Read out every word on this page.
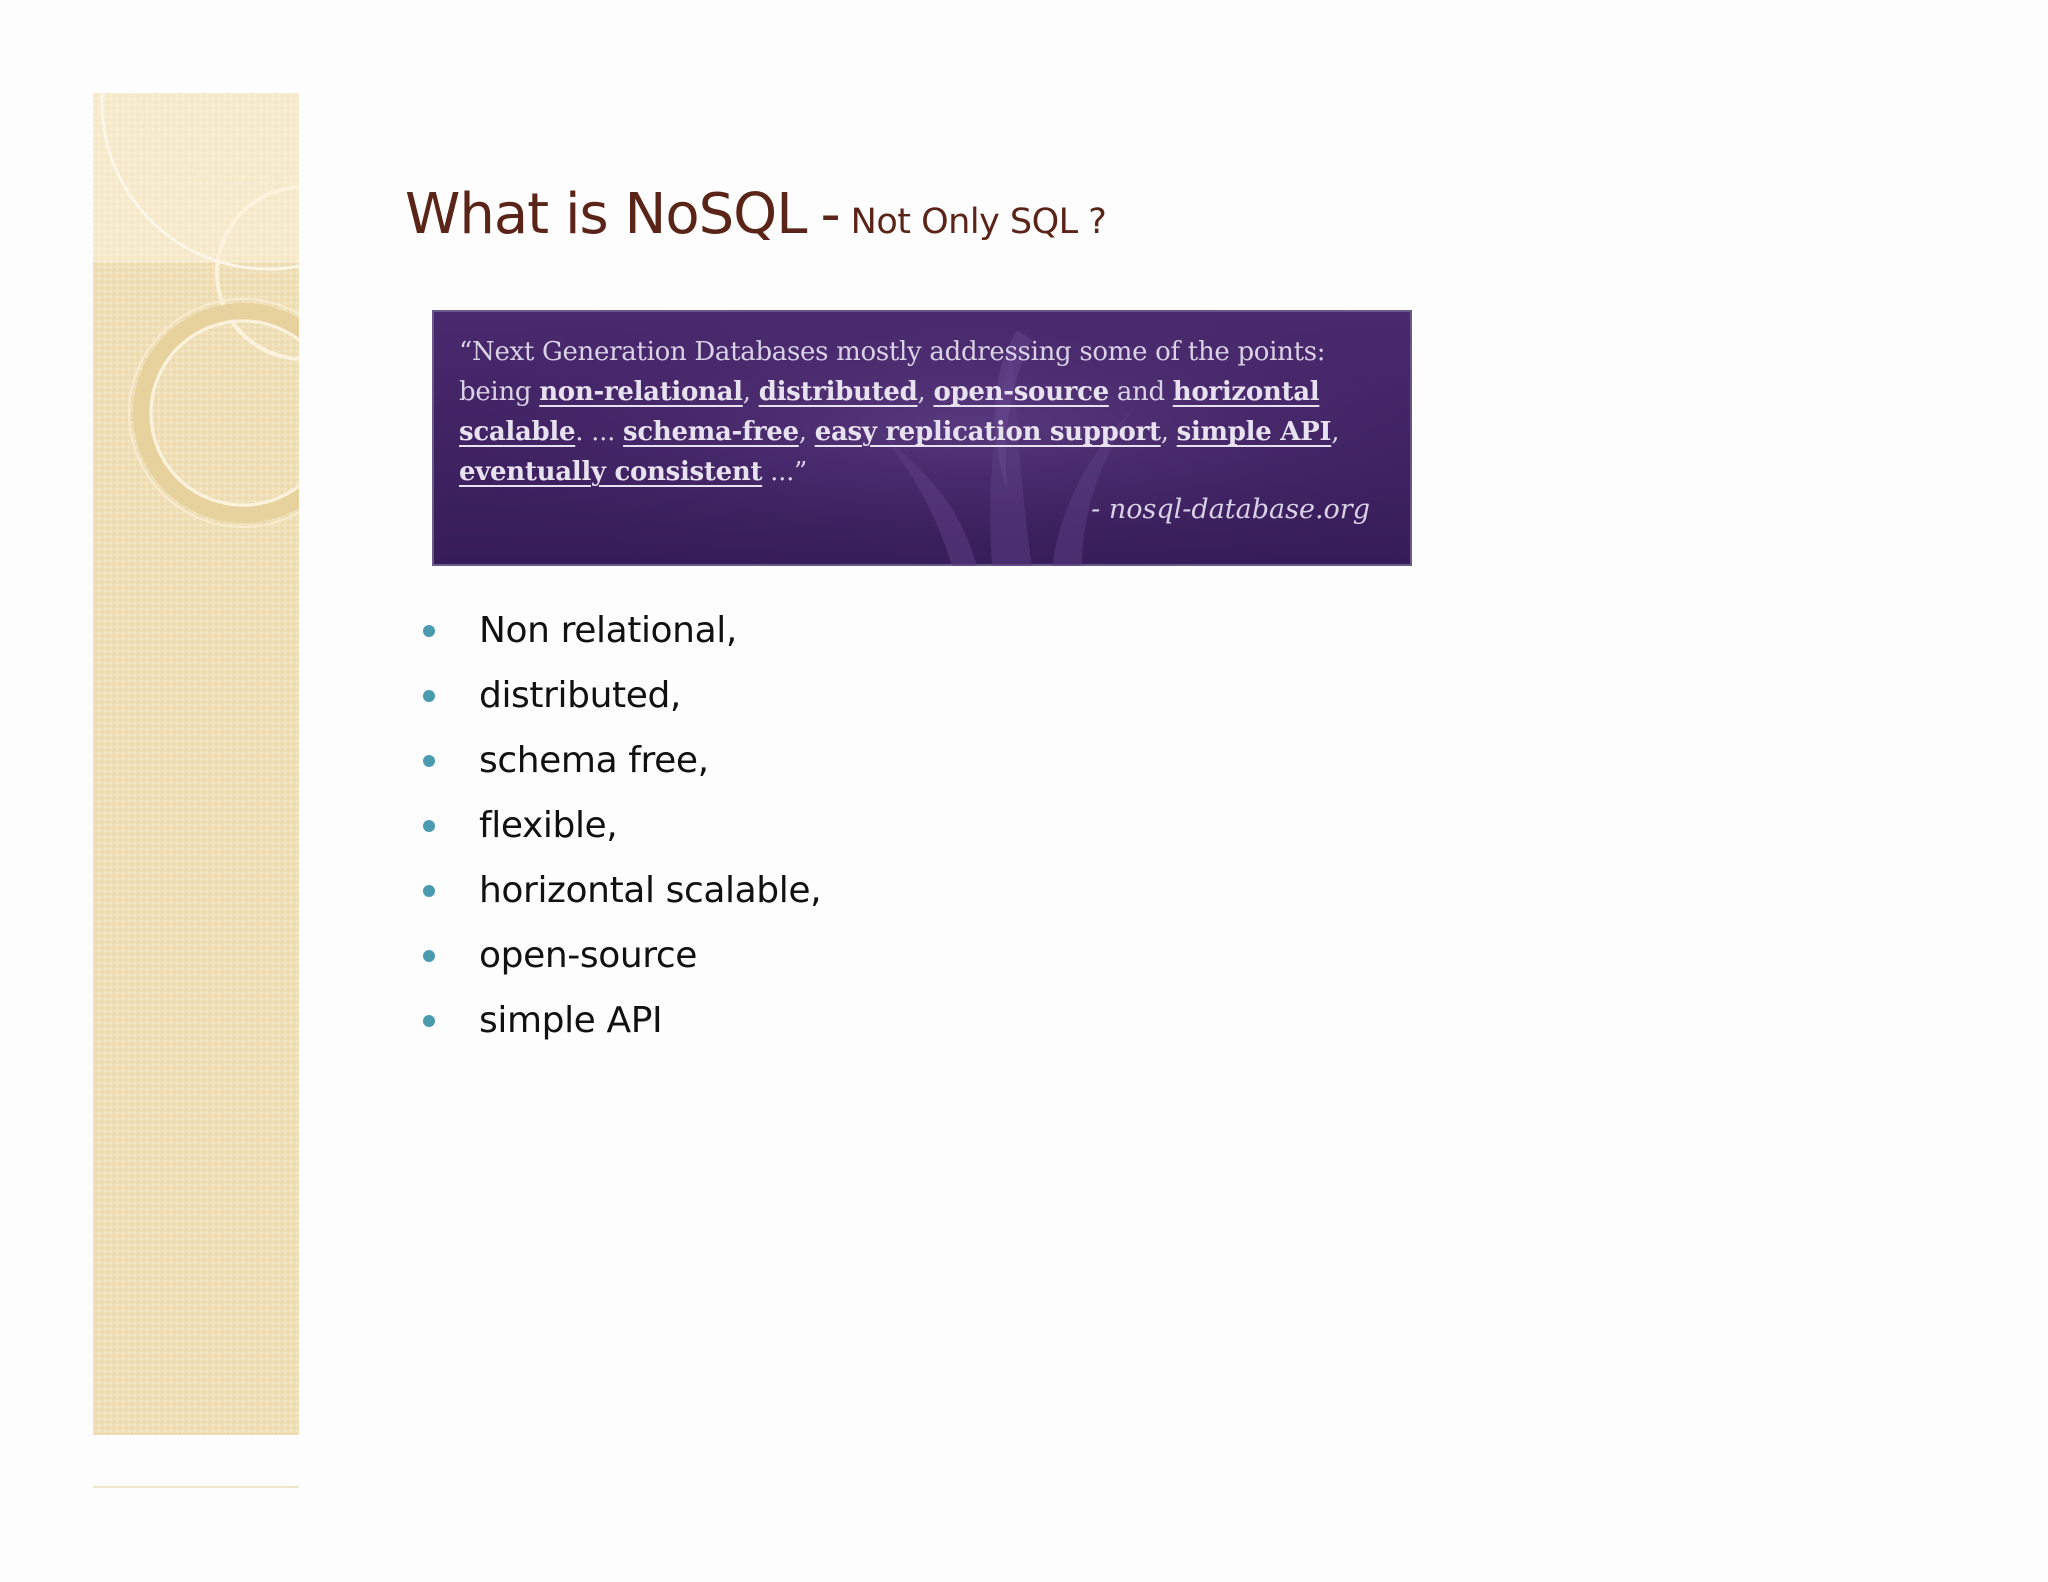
What is NoSQL - Not Only SQL ?
“Next Generation Databases mostly addressing some of the points: being non-relational, distributed, open-source and horizontal scalable. ... schema-free, easy replication support, simple API, eventually consistent ...”
- nosql-database.org
Non relational,
distributed,
schema free,
flexible,
horizontal scalable,
open-source
simple API
